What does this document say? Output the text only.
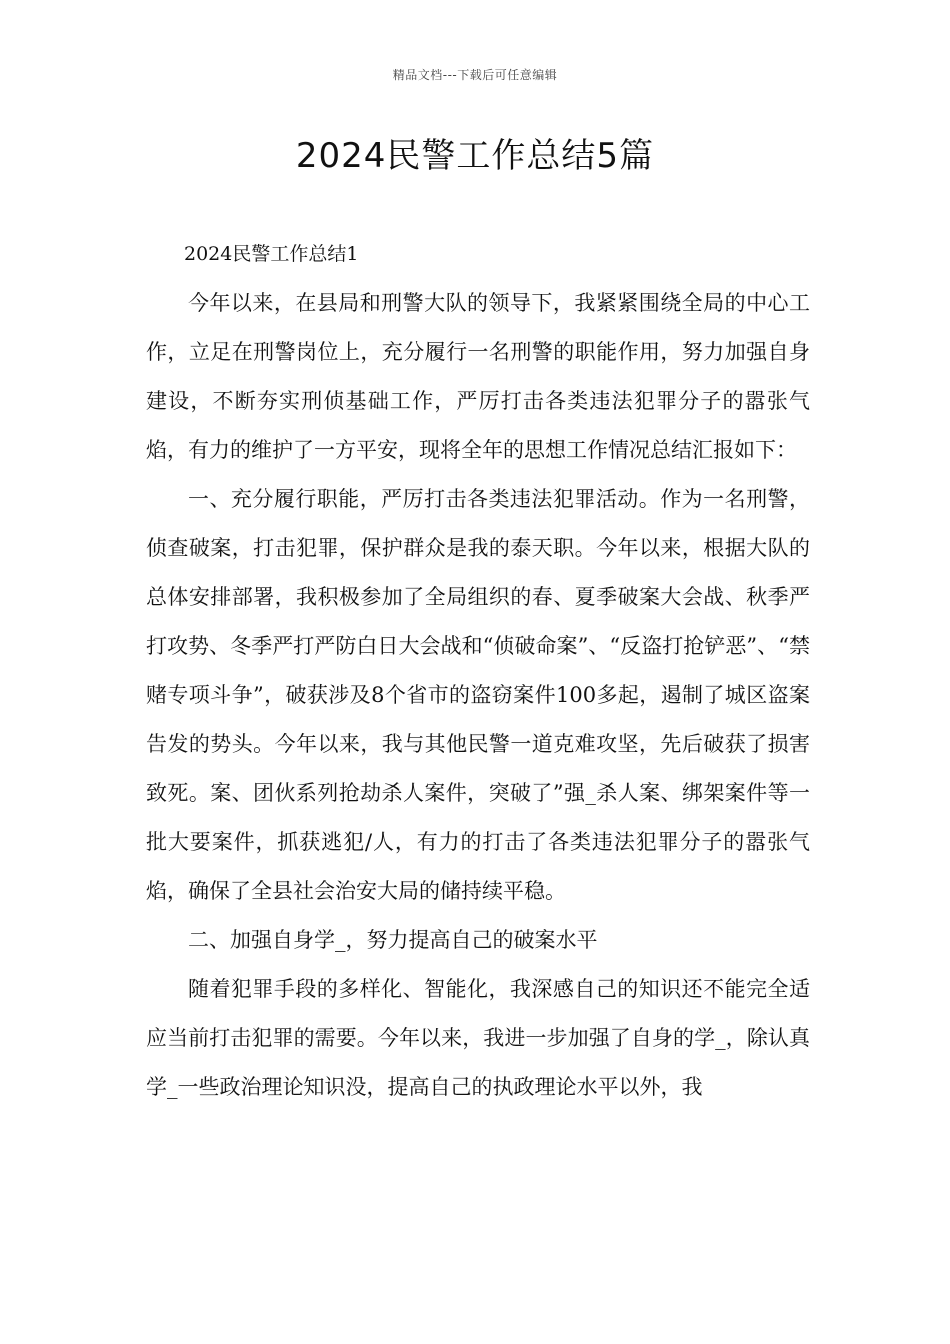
精品文档---下载后可任意编辑
2024民警工作总结5篇

2024民警工作总结1

今年以来，在县局和刑警大队的领导下，我紧紧围绕全局的中心工作，立足在刑警岗位上，充分履行一名刑警的职能作用，努力加强自身建设，不断夯实刑侦基础工作，严厉打击各类违法犯罪分子的嚣张气焰，有力的维护了一方平安，现将全年的思想工作情况总结汇报如下：

一、充分履行职能，严厉打击各类违法犯罪活动。作为一名刑警，侦查破案，打击犯罪，保护群众是我的泰天职。今年以来，根据大队的总体安排部署，我积极参加了全局组织的春、夏季破案大会战、秋季严打攻势、冬季严打严防白日大会战和“侦破命案”、“反盗打抢铲恶”、“禁赌专项斗争”，破获涉及8个省市的盗窃案件100多起，遏制了城区盗案告发的势头。今年以来，我与其他民警一道克难攻坚，先后破获了损害致死。案、团伙系列抢劫杀人案件，突破了”强_杀人案、绑架案件等一批大要案件，抓获逃犯/人，有力的打击了各类违法犯罪分子的嚣张气焰，确保了全县社会治安大局的储持续平稳。

二、加强自身学_，努力提高自己的破案水平

随着犯罪手段的多样化、智能化，我深感自己的知识还不能完全适应当前打击犯罪的需要。今年以来，我进一步加强了自身的学_，除认真学_一些政治理论知识没，提高自己的执政理论水平以外，我
